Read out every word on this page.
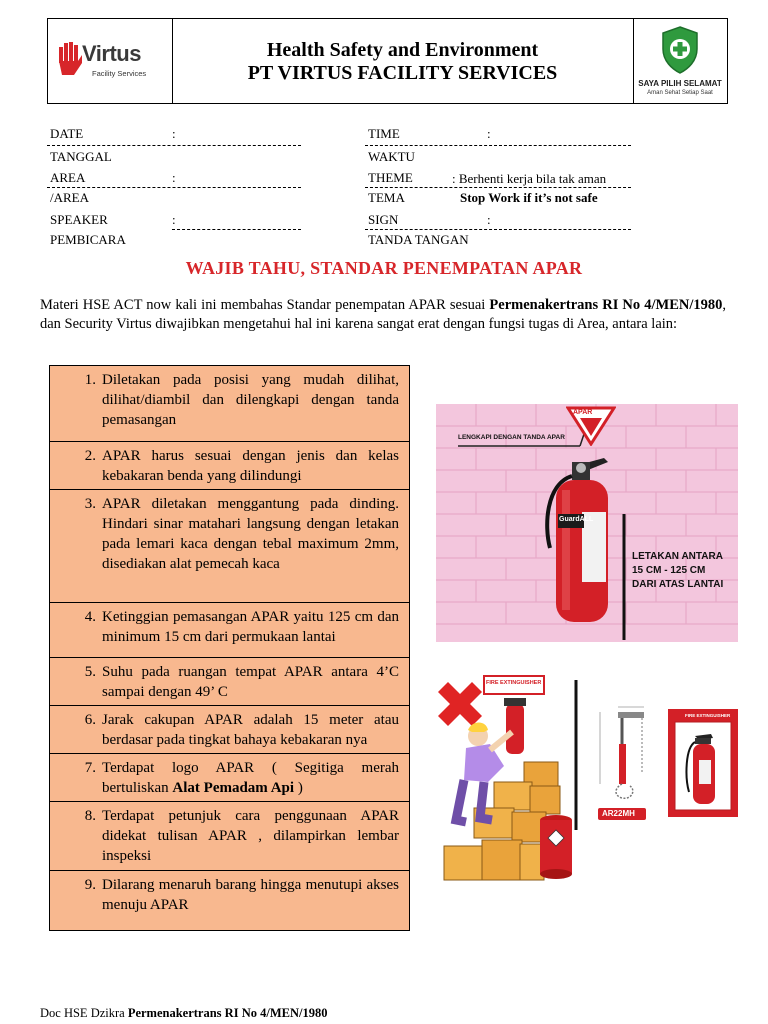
Virtus
Facility Services
Health Safety and Environment
PT VIRTUS FACILITY SERVICES	SAYA PILIH SELAMAT
Aman Sehat Setiap Saat
DATE	:
TANGGAL
AREA	:
/AREA
SPEAKER	:
PEMBICARA
TIME	:
WAKTU
THEME	: Berhenti kerja bila tak aman
TEMA	Stop Work if it’s not safe
SIGN	:
TANDA TANGAN
WAJIB TAHU, STANDAR PENEMPATAN APAR
Materi HSE ACT now kali ini membahas Standar penempatan APAR sesuai Permenakertrans RI No 4/MEN/1980, dan Security Virtus diwajibkan mengetahui hal ini karena sangat erat dengan fungsi tugas di Area, antara lain:
1. Diletakan pada posisi yang mudah dilihat, dilihat/diambil dan dilengkapi dengan tanda pemasangan
2. APAR harus sesuai dengan jenis dan kelas kebakaran benda yang dilindungi
3. APAR diletakan menggantung pada dinding. Hindari sinar matahari langsung dengan letakan pada lemari kaca dengan tebal maximum 2mm, disediakan alat pemecah kaca
4. Ketinggian pemasangan APAR yaitu 125 cm dan minimum 15 cm dari permukaan lantai
5. Suhu pada ruangan tempat APAR antara 4’C sampai dengan 49’ C
6. Jarak cakupan APAR adalah 15 meter atau berdasar pada tingkat bahaya kebakaran nya
7. Terdapat logo APAR ( Segitiga merah bertuliskan Alat Pemadam Api )
8. Terdapat petunjuk cara penggunaan APAR didekat tulisan APAR , dilampirkan lembar inspeksi
9. Dilarang menaruh barang hingga menutupi akses menuju APAR
APAR
LENGKAPI DENGAN TANDA APAR
GuardALL
LETAKAN ANTARA
15 CM - 125 CM
DARI ATAS LANTAI
FIRE EXTINGUISHER
AR22MH
FIRE EXTINGUISHER
Doc HSE Dzikra Permenakertrans RI No 4/MEN/1980
